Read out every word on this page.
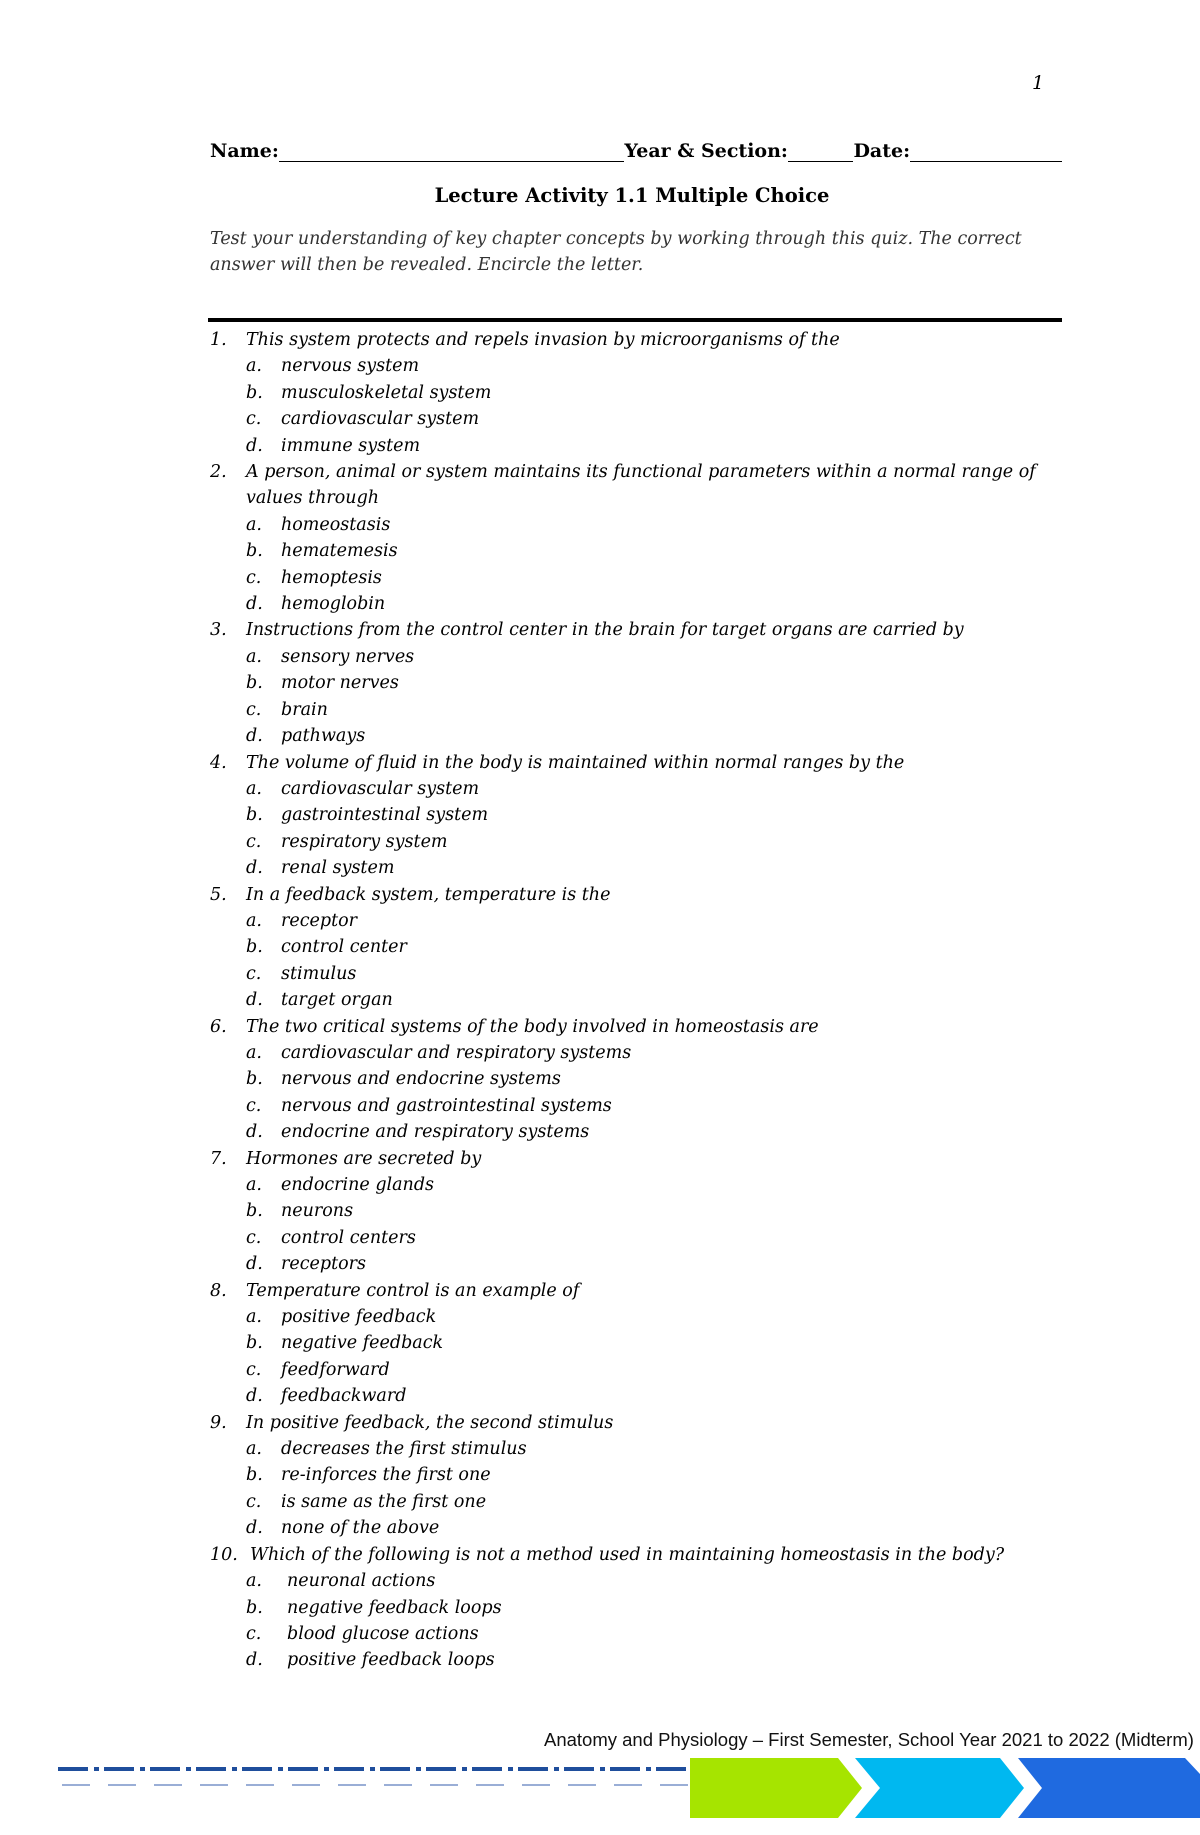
1
Name:	Year & Section:	Date:
Lecture Activity 1.1 Multiple Choice
Test your understanding of key chapter concepts by working through this quiz. The correct answer will then be revealed. Encircle the letter.
1.	This system protects and repels invasion by microorganisms of the
a.	nervous system
b.	musculoskeletal system
c.	cardiovascular system
d.	immune system
2.	A person, animal or system maintains its functional parameters within a normal range of values through
a.	homeostasis
b.	hematemesis
c.	hemoptesis
d.	hemoglobin
3.	Instructions from the control center in the brain for target organs are carried by
a.	sensory nerves
b.	motor nerves
c.	brain
d.	pathways
4.	The volume of fluid in the body is maintained within normal ranges by the
a.	cardiovascular system
b.	gastrointestinal system
c.	respiratory system
d.	renal system
5.	In a feedback system, temperature is the
a.	receptor
b.	control center
c.	stimulus
d.	target organ
6.	The two critical systems of the body involved in homeostasis are
a.	cardiovascular and respiratory systems
b.	nervous and endocrine systems
c.	nervous and gastrointestinal systems
d.	endocrine and respiratory systems
7.	Hormones are secreted by
a.	endocrine glands
b.	neurons
c.	control centers
d.	receptors
8.	Temperature control is an example of
a.	positive feedback
b.	negative feedback
c.	feedforward
d.	feedbackward
9.	In positive feedback, the second stimulus
a.	decreases the first stimulus
b.	re-inforces the first one
c.	is same as the first one
d.	none of the above
10. Which of the following is not a method used in maintaining homeostasis in the body?
a.	neuronal actions
b.	negative feedback loops
c.	blood glucose actions
d.	positive feedback loops
Anatomy and Physiology – First Semester, School Year 2021 to 2022 (Midterm)
